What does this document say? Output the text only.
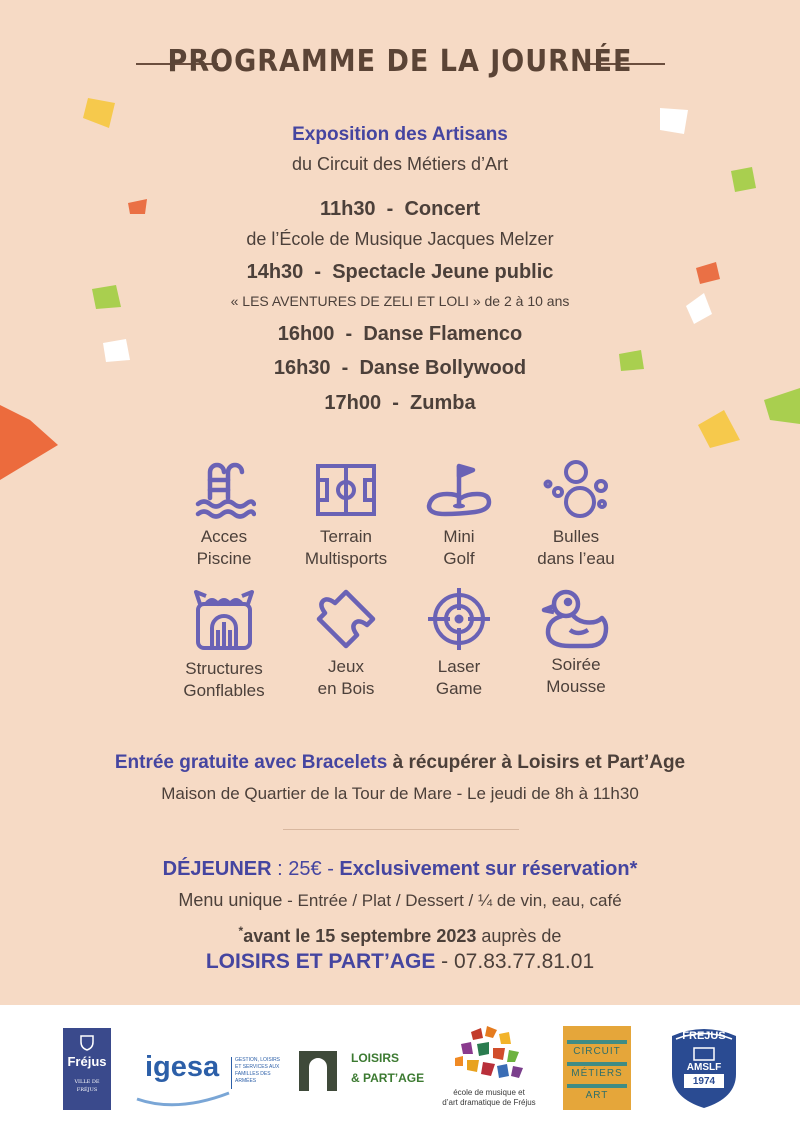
PROGRAMME DE LA JOURNÉE
Exposition des Artisans
du Circuit des Métiers d’Art
11h30  -  Concert
de l’École de Musique Jacques Melzer
14h30  -  Spectacle Jeune public
« LES AVENTURES DE ZELI ET LOLI » de 2 à 10 ans
16h00  -  Danse Flamenco
16h30  -  Danse Bollywood
17h00  -  Zumba
Acces
Piscine
Terrain
Multisports
Mini
Golf
Bulles
dans l’eau
Structures
Gonflables
Jeux
en Bois
Laser
Game
Soirée
Mousse
Entrée gratuite avec Bracelets à récupérer à Loisirs et Part’Age
Maison de Quartier de la Tour de Mare - Le jeudi de 8h à 11h30
DÉJEUNER : 25€ - Exclusivement sur réservation*
Menu unique - Entrée / Plat / Dessert / ¼ de vin, eau, café
*avant le 15 septembre 2023 auprès de
LOISIRS ET PART’AGE - 07.83.77.81.01
Fréjus
VILLE DE FRÉJUS
igesa	GESTION, LOISIRS ET SERVICES AUX FAMILLES DES ARMÉES
LOISIRS
& PART’AGE
école de musique et
d’art dramatique de Fréjus
CIRCUIT
MÉTIERS
ART
FREJUS
AMSLF
1974
